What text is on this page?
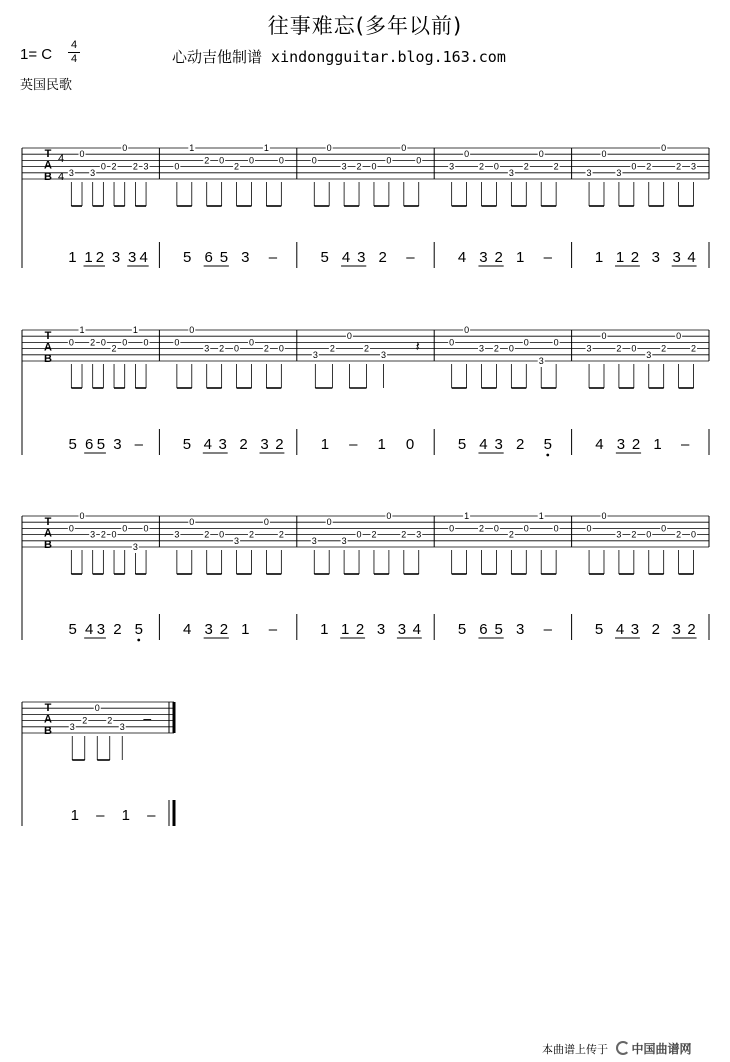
往事难忘(多年以前)
1= C
4
4	心动吉他制谱 xindongguitar.blog.163.com
英国民歌
T
A
B
4
4 3
0
3
0 2
0
2 3
1 1 2 3 3 4
0
1
2 0
2
0
1
0
5 6 5 3 –
0
0
3 2 0
0
0
0
5 4 3 2 –
3
0
2 0
3
2
0
2
4 3 2 1 –
3
0
3
0 2
0
2 3
1 1 2 3 3 4
T
A
B
0
1
2 0
2
0
1
0
5 6 5 3 –
0
0
3 2 0
0
2 0
5 4 3 2 3 2
3
2
0
2
3
𝄽
1 – 1 0
0
0
3 2 0
0
3
0
5 4 3 2 5
3
0
2 0
3
2
0
2
4 3 2 1 –
T
A
B
0
0
3 2 0
0
3
0
5 4 3 2 5
3
0
2 0
3
2
0
2
4 3 2 1 –
3
0
3
0 2
0
2 3
1 1 2 3 3 4
0
1
2 0
2
0
1
0
5 6 5 3 –
0
0
3 2 0
0
2 0
5 4 3 2 3 2
T
A
B 3
2
0
2
3
–
1 – 1 –
本曲谱上传于 中国曲谱网
